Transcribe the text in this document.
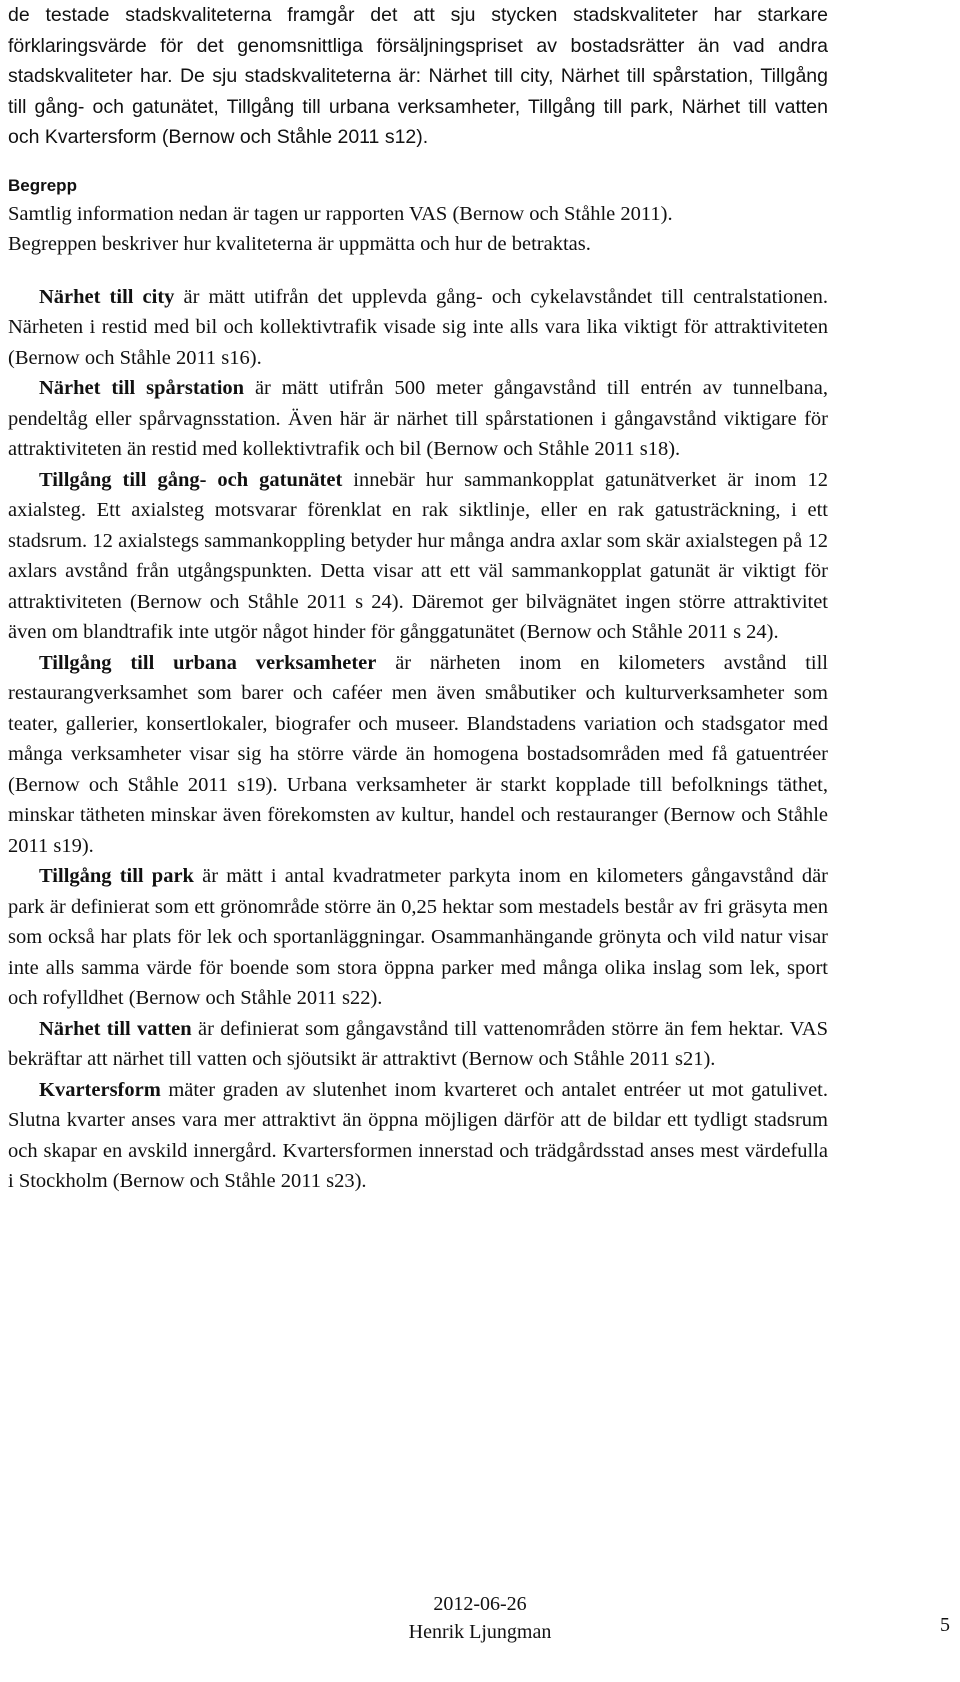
de testade stadskvaliteterna framgår det att sju stycken stadskvaliteter har starkare förklaringsvärde för det genomsnittliga försäljningspriset av bostadsrätter än vad andra stadskvaliteter har. De sju stadskvaliteterna är: Närhet till city, Närhet till spårstation, Tillgång till gång- och gatunätet, Tillgång till urbana verksamheter, Tillgång till park, Närhet till vatten och Kvartersform (Bernow och Ståhle 2011 s12).

Begrepp

Samtlig information nedan är tagen ur rapporten VAS (Bernow och Ståhle 2011).

Begreppen beskriver hur kvaliteterna är uppmätta och hur de betraktas.

Närhet till city är mätt utifrån det upplevda gång- och cykelavståndet till centralstationen. Närheten i restid med bil och kollektivtrafik visade sig inte alls vara lika viktigt för attraktiviteten (Bernow och Ståhle 2011 s16).

Närhet till spårstation är mätt utifrån 500 meter gångavstånd till entrén av tunnelbana, pendeltåg eller spårvagnsstation. Även här är närhet till spårstationen i gångavstånd viktigare för attraktiviteten än restid med kollektivtrafik och bil (Bernow och Ståhle 2011 s18).

Tillgång till gång- och gatunätet innebär hur sammankopplat gatunätverket är inom 12 axialsteg. Ett axialsteg motsvarar förenklat en rak siktlinje, eller en rak gatusträckning, i ett stadsrum. 12 axialstegs sammankoppling betyder hur många andra axlar som skär axialstegen på 12 axlars avstånd från utgångspunkten. Detta visar att ett väl sammankopplat gatunät är viktigt för attraktiviteten (Bernow och Ståhle 2011 s 24). Däremot ger bilvägnätet ingen större attraktivitet även om blandtrafik inte utgör något hinder för gånggatunätet (Bernow och Ståhle 2011 s 24).

Tillgång till urbana verksamheter är närheten inom en kilometers avstånd till restaurangverksamhet som barer och caféer men även småbutiker och kulturverksamheter som teater, gallerier, konsertlokaler, biografer och museer. Blandstadens variation och stadsgator med många verksamheter visar sig ha större värde än homogena bostadsområden med få gatuentréer (Bernow och Ståhle 2011 s19). Urbana verksamheter är starkt kopplade till befolknings täthet, minskar tätheten minskar även förekomsten av kultur, handel och restauranger (Bernow och Ståhle 2011 s19).

Tillgång till park är mätt i antal kvadratmeter parkyta inom en kilometers gångavstånd där park är definierat som ett grönområde större än 0,25 hektar som mestadels består av fri gräsyta men som också har plats för lek och sportanläggningar. Osammanhängande grönyta och vild natur visar inte alls samma värde för boende som stora öppna parker med många olika inslag som lek, sport och rofylldhet (Bernow och Ståhle 2011 s22).

Närhet till vatten är definierat som gångavstånd till vattenområden större än fem hektar. VAS bekräftar att närhet till vatten och sjöutsikt är attraktivt (Bernow och Ståhle 2011 s21).

Kvartersform mäter graden av slutenhet inom kvarteret och antalet entréer ut mot gatulivet. Slutna kvarter anses vara mer attraktivt än öppna möjligen därför att de bildar ett tydligt stadsrum och skapar en avskild innergård. Kvartersformen innerstad och trädgårdsstad anses mest värdefulla i Stockholm (Bernow och Ståhle 2011 s23).

2012-06-26
Henrik Ljungman	5
